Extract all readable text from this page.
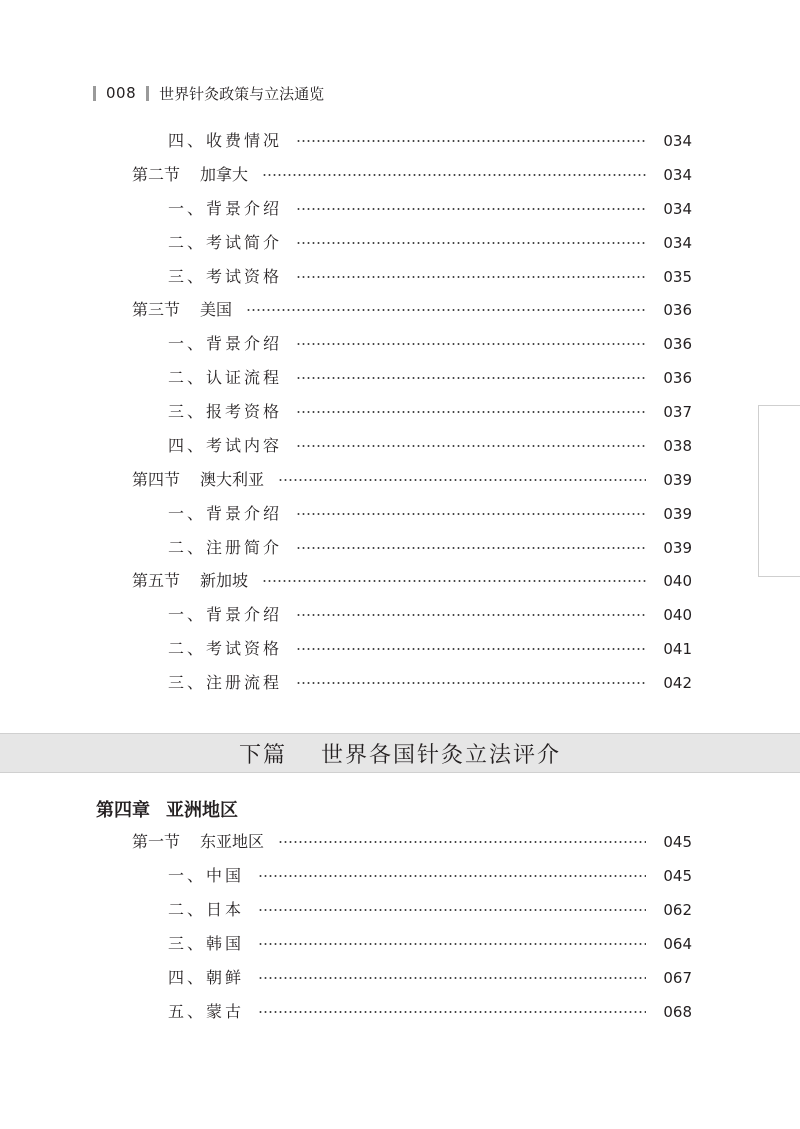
008 世界针灸政策与立法通览
四、收费情况	034
第二节 加拿大	034
一、背景介绍	034
二、考试简介	034
三、考试资格	035
第三节 美国	036
一、背景介绍	036
二、认证流程	036
三、报考资格	037
四、考试内容	038
第四节 澳大利亚	039
一、背景介绍	039
二、注册简介	039
第五节 新加坡	040
一、背景介绍	040
二、考试资格	041
三、注册流程	042
下篇 世界各国针灸立法评介
第四章 亚洲地区
第一节 东亚地区	045
一、中国	045
二、日本	062
三、韩国	064
四、朝鲜	067
五、蒙古	068
